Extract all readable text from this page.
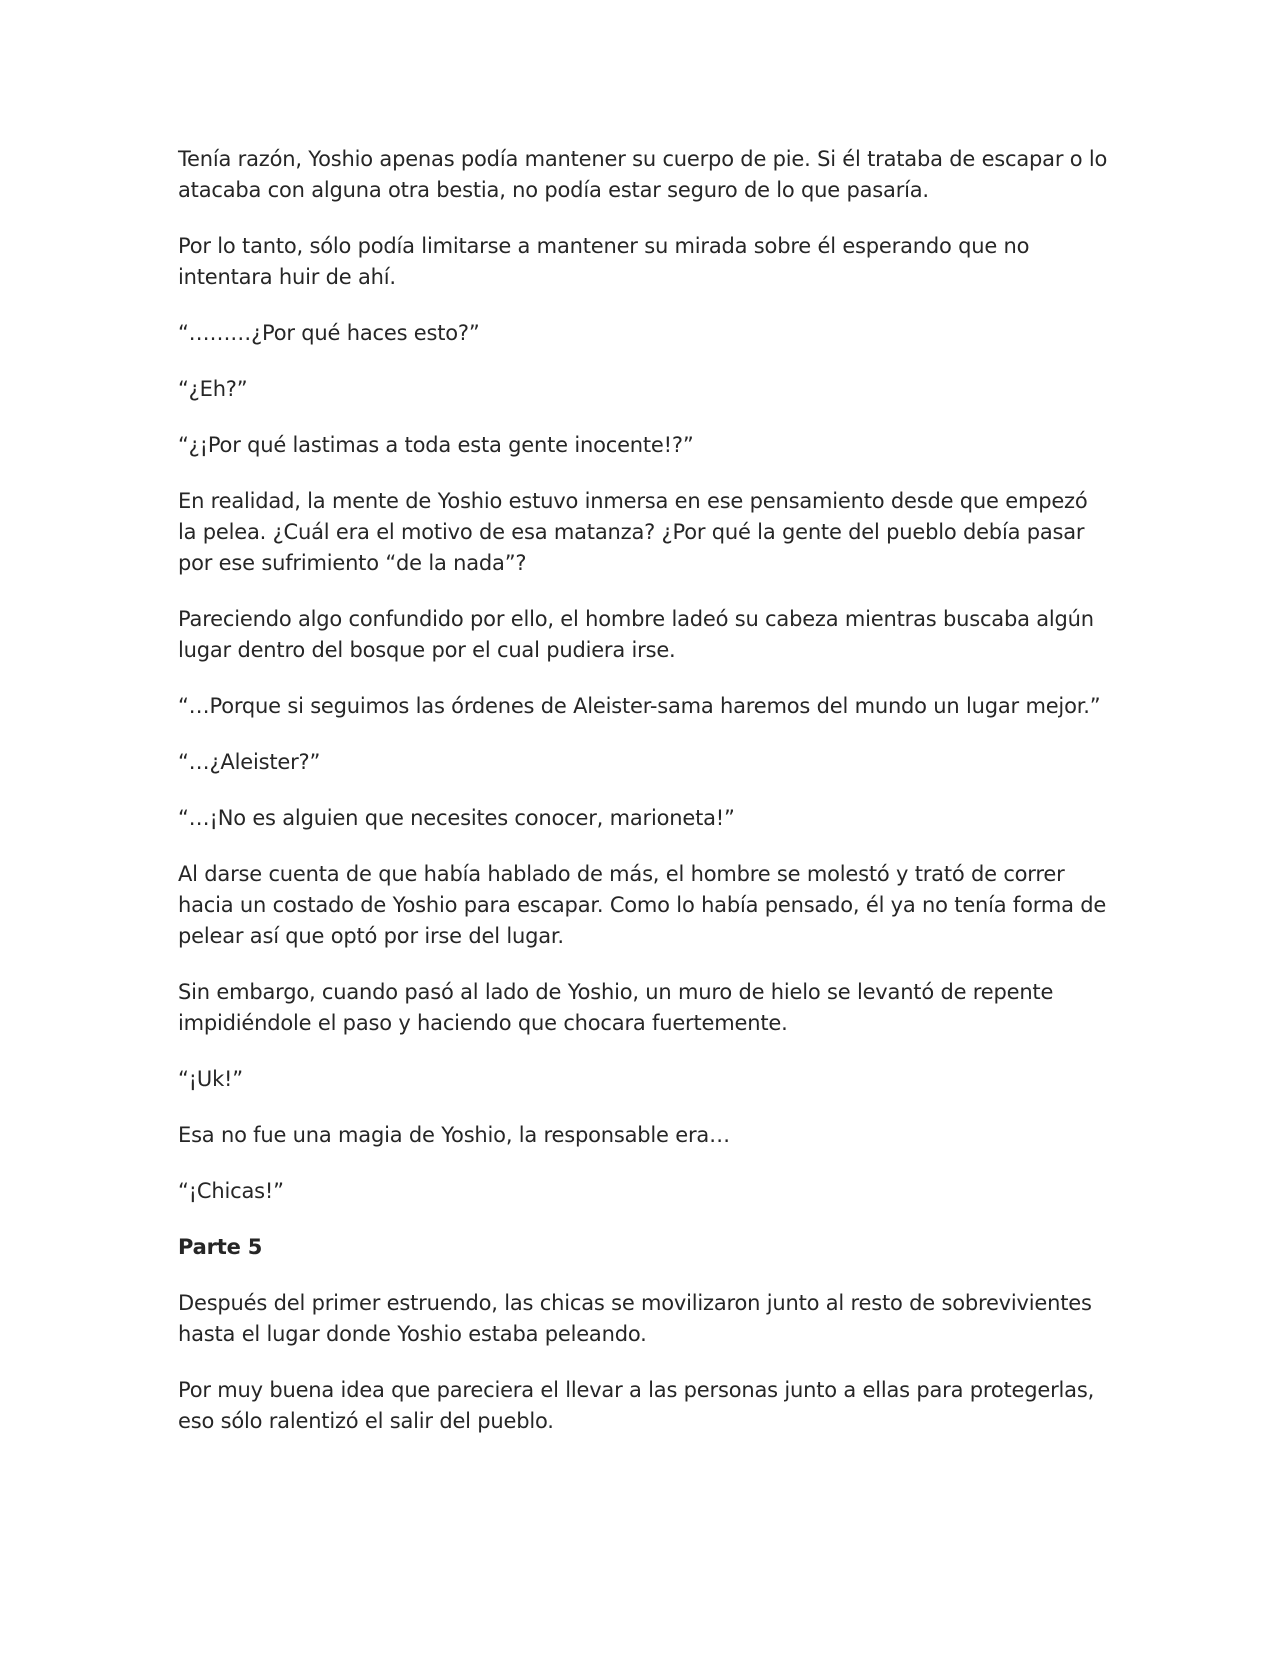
Tenía razón, Yoshio apenas podía mantener su cuerpo de pie. Si él trataba de escapar o lo atacaba con alguna otra bestia, no podía estar seguro de lo que pasaría.

Por lo tanto, sólo podía limitarse a mantener su mirada sobre él esperando que no intentara huir de ahí.

“………¿Por qué haces esto?”

“¿Eh?”

“¿¡Por qué lastimas a toda esta gente inocente!?”

En realidad, la mente de Yoshio estuvo inmersa en ese pensamiento desde que empezó la pelea. ¿Cuál era el motivo de esa matanza? ¿Por qué la gente del pueblo debía pasar por ese sufrimiento “de la nada”?

Pareciendo algo confundido por ello, el hombre ladeó su cabeza mientras buscaba algún lugar dentro del bosque por el cual pudiera irse.

“…Porque si seguimos las órdenes de Aleister-sama haremos del mundo un lugar mejor.”

“…¿Aleister?”

“…¡No es alguien que necesites conocer, marioneta!”

Al darse cuenta de que había hablado de más, el hombre se molestó y trató de correr hacia un costado de Yoshio para escapar. Como lo había pensado, él ya no tenía forma de pelear así que optó por irse del lugar.

Sin embargo, cuando pasó al lado de Yoshio, un muro de hielo se levantó de repente impidiéndole el paso y haciendo que chocara fuertemente.

“¡Uk!”

Esa no fue una magia de Yoshio, la responsable era…

“¡Chicas!”

Parte 5

Después del primer estruendo, las chicas se movilizaron junto al resto de sobrevivientes hasta el lugar donde Yoshio estaba peleando.

Por muy buena idea que pareciera el llevar a las personas junto a ellas para protegerlas, eso sólo ralentizó el salir del pueblo.
